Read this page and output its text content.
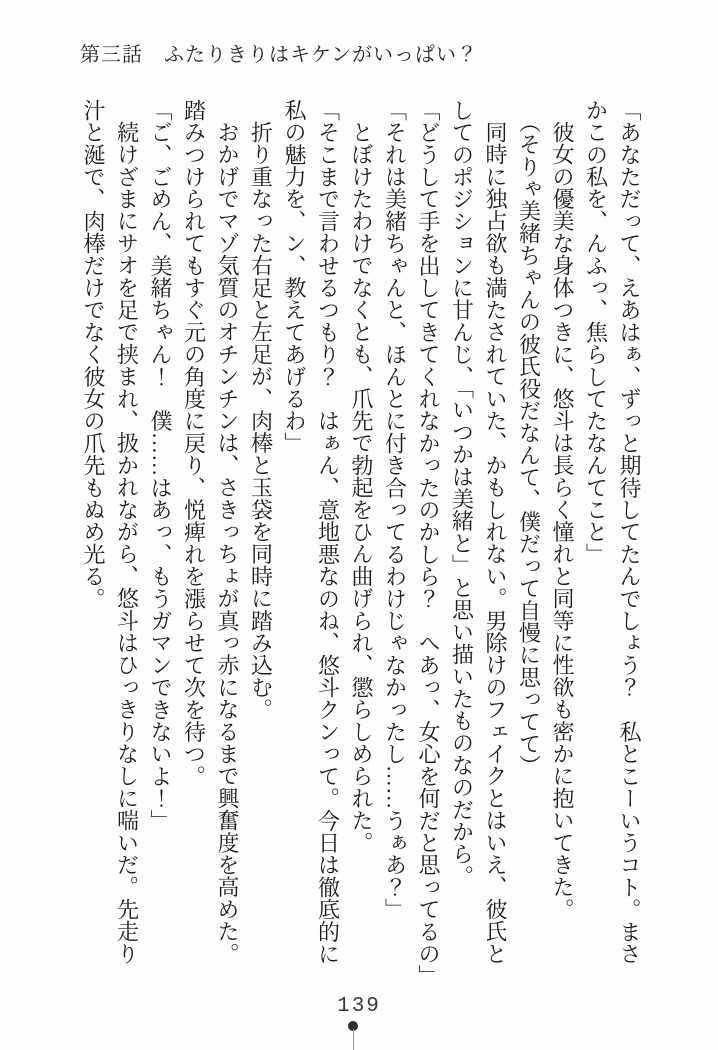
第三話　ふたりきりはキケンがいっぱい？

「あなただって、えあはぁ、ずっと期待してたんでしょう？　私とこーいうコト。まさかこの私を、んふっ、焦らしてたなんてこと」

彼女の優美な身体つきに、悠斗は長らく憧れと同等に性欲も密かに抱いてきた。

（そりゃ美緒ちゃんの彼氏役だなんて、僕だって自慢に思ってて）

同時に独占欲も満たされていた、かもしれない。男除けのフェイクとはいえ、彼氏としてのポジションに甘んじ、「いつかは美緒と」と思い描いたものなのだから。

「どうして手を出してきてくれなかったのかしら？　へあっ、女心を何だと思ってるの」

「それは美緒ちゃんと、ほんとに付き合ってるわけじゃなかったし……うぁあ？」

とぼけたわけでなくとも、爪先で勃起をひん曲げられ、懲らしめられた。

「そこまで言わせるつもり？　はぁん、意地悪なのね、悠斗クンって。今日は徹底的に私の魅力を、ン、教えてあげるわ」

折り重なった右足と左足が、肉棒と玉袋を同時に踏み込む。

おかげでマゾ気質のオチンチンは、さきっちょが真っ赤になるまで興奮度を高めた。踏みつけられてもすぐ元の角度に戻り、悦痺れを漲らせて次を待つ。

「ご、ごめん、美緒ちゃん！　僕……はあっ、もうガマンできないよ！」

続けざまにサオを足で挟まれ、扱かれながら、悠斗はひっきりなしに喘いだ。先走り汁と涎で、肉棒だけでなく彼女の爪先もぬめ光る。

139
